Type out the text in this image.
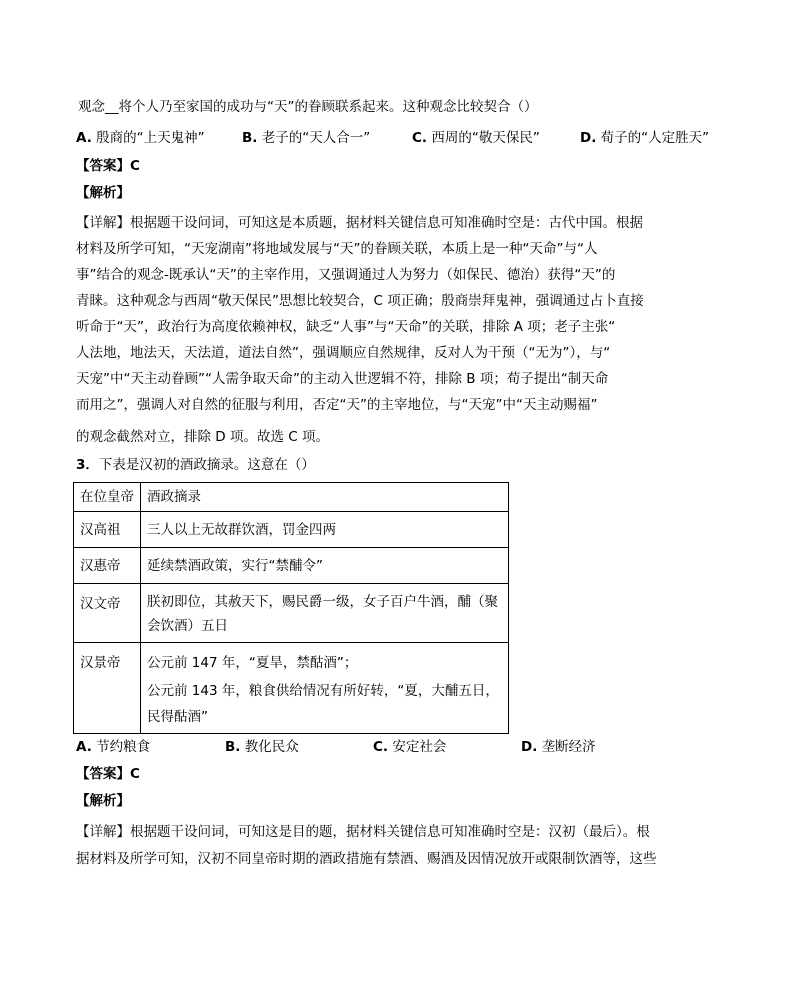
观念__将个人乃至家国的成功与“天”的眷顾联系起来。这种观念比较契合（）
A. 殷商的“上天鬼神”	B. 老子的“天人合一”	C. 西周的“敬天保民”	D. 荀子的“人定胜天”
【答案】C
【解析】
【详解】根据题干设问词，可知这是本质题，据材料关键信息可知准确时空是：古代中国。根据
材料及所学可知，“天宠湖南”将地域发展与“天”的眷顾关联，本质上是一种“天命”与“人
事”结合的观念-既承认“天”的主宰作用，又强调通过人为努力（如保民、德治）获得“天”的
青睐。这种观念与西周“敬天保民”思想比较契合，C 项正确；殷商崇拜鬼神，强调通过占卜直接
听命于“天”，政治行为高度依赖神权，缺乏“人事”与“天命”的关联，排除 A 项；老子主张“
人法地，地法天，天法道，道法自然”，强调顺应自然规律，反对人为干预（“无为”），与“
天宠”中“天主动眷顾”“人需争取天命”的主动入世逻辑不符，排除 B 项；荀子提出“制天命
而用之”，强调人对自然的征服与利用，否定“天”的主宰地位，与“天宠”中“天主动赐福”
的观念截然对立，排除 D 项。故选 C 项。
3．下表是汉初的酒政摘录。这意在（）
在位皇帝	酒政摘录
汉高祖	三人以上无故群饮酒，罚金四两
汉惠帝	延续禁酒政策，实行“禁酺令”
汉文帝	朕初即位，其赦天下，赐民爵一级，女子百户牛酒，酺（聚

会饮酒）五日

汉景帝	公元前 147 年，“夏旱，禁酤酒”；

公元前 143 年，粮食供给情况有所好转，“夏，大酺五日，

民得酤酒”

A. 节约粮食	B. 教化民众	C. 安定社会	D. 垄断经济
【答案】C
【解析】
【详解】根据题干设问词，可知这是目的题，据材料关键信息可知准确时空是：汉初（最后）。根
据材料及所学可知，汉初不同皇帝时期的酒政措施有禁酒、赐酒及因情况放开或限制饮酒等，这些
